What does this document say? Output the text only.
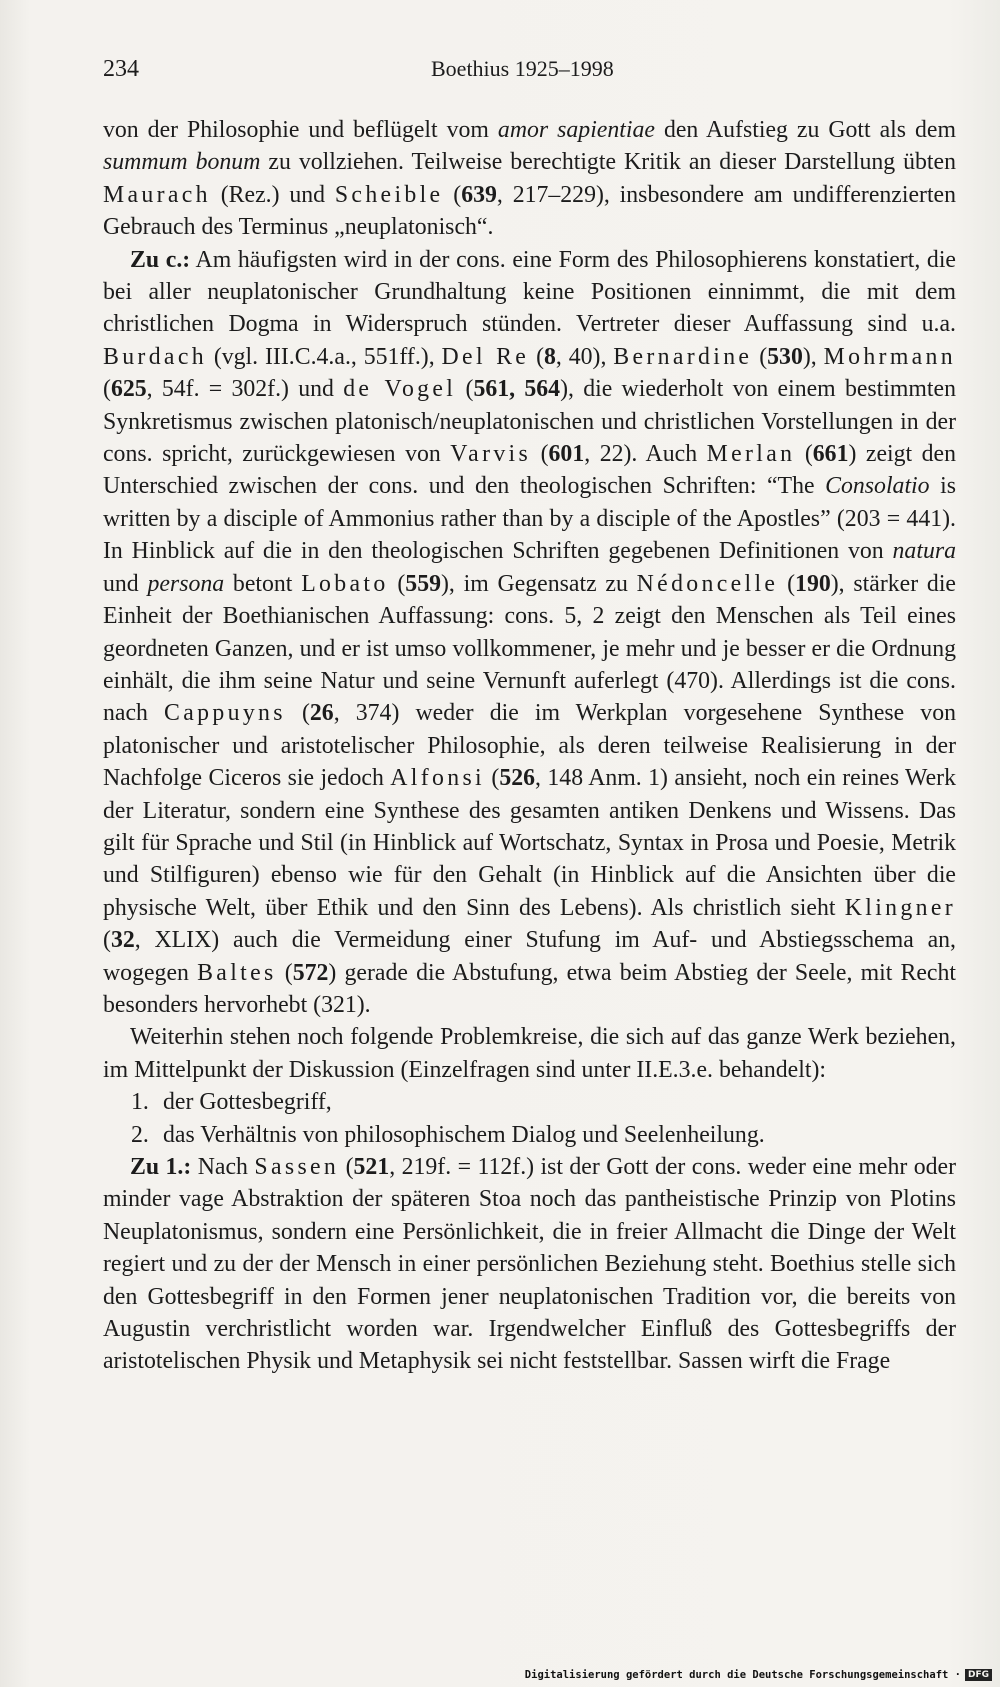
234	Boethius 1925–1998

von der Philosophie und beflügelt vom amor sapientiae den Aufstieg zu Gott als dem summum bonum zu vollziehen. Teilweise berechtigte Kritik an dieser Darstellung übten Maurach (Rez.) und Scheible (639, 217–229), insbesondere am undifferenzierten Gebrauch des Terminus „neuplatonisch“.

Zu c.: Am häufigsten wird in der cons. eine Form des Philosophierens konstatiert, die bei aller neuplatonischer Grundhaltung keine Positionen einnimmt, die mit dem christlichen Dogma in Widerspruch stünden. Vertreter dieser Auffassung sind u.a. Burdach (vgl. III.C.4.a., 551ff.), Del Re (8, 40), Bernardine (530), Mohrmann (625, 54f. = 302f.) und de Vogel (561, 564), die wiederholt von einem bestimmten Synkretismus zwischen platonisch/neuplatonischen und christlichen Vorstellungen in der cons. spricht, zurückgewiesen von Varvis (601, 22). Auch Merlan (661) zeigt den Unterschied zwischen der cons. und den theologischen Schriften: “The Consolatio is written by a disciple of Ammonius rather than by a disciple of the Apostles” (203 = 441). In Hinblick auf die in den theologischen Schriften gegebenen Definitionen von natura und persona betont Lobato (559), im Gegensatz zu Nédoncelle (190), stärker die Einheit der Boethianischen Auffassung: cons. 5, 2 zeigt den Menschen als Teil eines geordneten Ganzen, und er ist umso vollkommener, je mehr und je besser er die Ordnung einhält, die ihm seine Natur und seine Vernunft auferlegt (470). Allerdings ist die cons. nach Cappuyns (26, 374) weder die im Werkplan vorgesehene Synthese von platonischer und aristotelischer Philosophie, als deren teilweise Realisierung in der Nachfolge Ciceros sie jedoch Alfonsi (526, 148 Anm. 1) ansieht, noch ein reines Werk der Literatur, sondern eine Synthese des gesamten antiken Denkens und Wissens. Das gilt für Sprache und Stil (in Hinblick auf Wortschatz, Syntax in Prosa und Poesie, Metrik und Stilfiguren) ebenso wie für den Gehalt (in Hinblick auf die Ansichten über die physische Welt, über Ethik und den Sinn des Lebens). Als christlich sieht Klingner (32, XLIX) auch die Vermeidung einer Stufung im Auf- und Abstiegsschema an, wogegen Baltes (572) gerade die Abstufung, etwa beim Abstieg der Seele, mit Recht besonders hervorhebt (321).

Weiterhin stehen noch folgende Problemkreise, die sich auf das ganze Werk beziehen, im Mittelpunkt der Diskussion (Einzelfragen sind unter II.E.3.e. behandelt):

1. der Gottesbegriff,
2. das Verhältnis von philosophischem Dialog und Seelenheilung.

Zu 1.: Nach Sassen (521, 219f. = 112f.) ist der Gott der cons. weder eine mehr oder minder vage Abstraktion der späteren Stoa noch das pantheistische Prinzip von Plotins Neuplatonismus, sondern eine Persönlichkeit, die in freier Allmacht die Dinge der Welt regiert und zu der der Mensch in einer persönlichen Beziehung steht. Boethius stelle sich den Gottesbegriff in den Formen jener neuplatonischen Tradition vor, die bereits von Augustin verchristlicht worden war. Irgendwelcher Einfluß des Gottesbegriffs der aristotelischen Physik und Metaphysik sei nicht feststellbar. Sassen wirft die Frage

Digitalisierung gefördert durch die Deutsche Forschungsgemeinschaft · DFG
